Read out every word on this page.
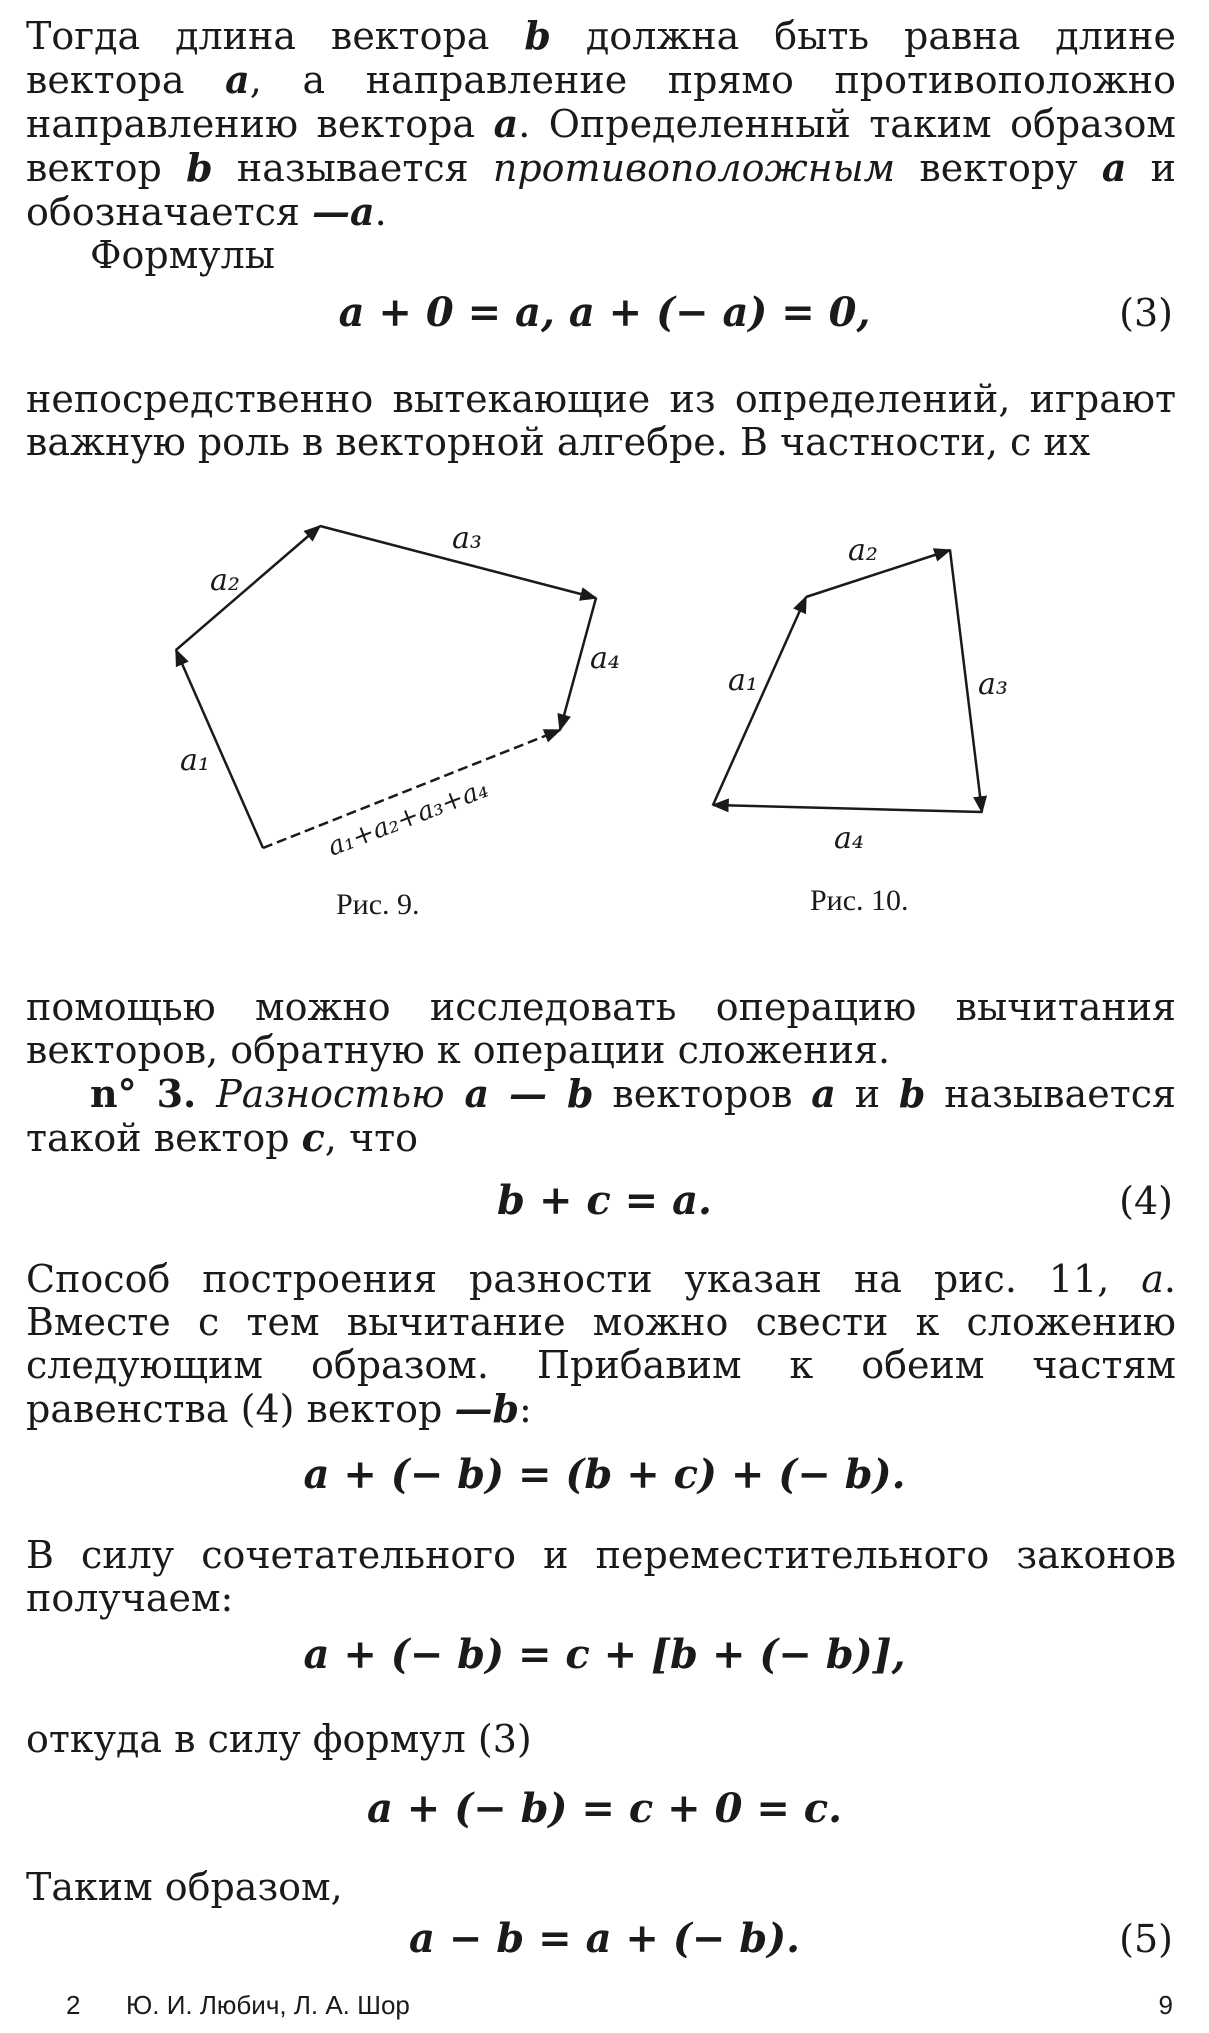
Тогда длина вектора b должна быть равна длине вектора a, а направление прямо противоположно направлению вектора a. Определенный таким образом вектор b называется противоположным вектору a и обозначается —a.

Формулы

a + 0 = a, a + (− a) = 0,	(3)

непосредственно вытекающие из определений, играют важную роль в векторной алгебре. В частности, с их

a₁
a₂
a₃
a₄
a₁+a₂+a₃+a₄
a₁
a₂
a₃
a₄
Рис. 9.	Рис. 10.

помощью можно исследовать операцию вычитания векторов, обратную к операции сложения.

n° 3. Разностью a — b векторов a и b называется такой вектор c, что

b + c = a.	(4)

Способ построения разности указан на рис. 11, a. Вместе с тем вычитание можно свести к сложению следующим образом. Прибавим к обеим частям равенства (4) вектор —b:

a + (− b) = (b + c) + (− b).

В силу сочетательного и переместительного законов получаем:

a + (− b) = c + [b + (− b)],

откуда в силу формул (3)

a + (− b) = c + 0 = c.

Таким образом,

a − b = a + (− b).	(5)
2 Ю. И. Любич, Л. А. Шор	9
